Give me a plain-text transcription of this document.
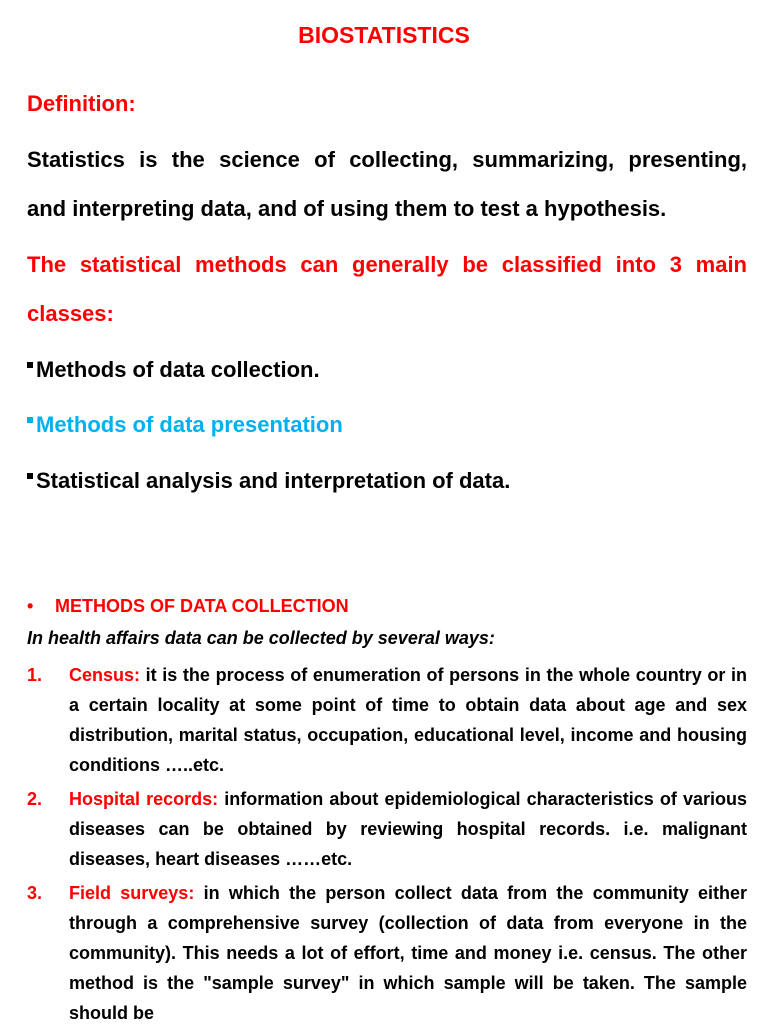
BIOSTATISTICS
Definition:
Statistics is the science of collecting, summarizing, presenting,
and interpreting data, and of using them to test a hypothesis.
The statistical methods can generally be classified into 3 main
classes:
Methods of data collection.
Methods of data presentation
Statistical analysis and interpretation of data.
• METHODS OF DATA COLLECTION
In health affairs data can be collected by several ways:
1. Census: it is the process of enumeration of persons in the whole country or in a certain locality at some point of time to obtain data about age and sex distribution, marital status, occupation, educational level, income and housing conditions …..etc.
2. Hospital records: information about epidemiological characteristics of various diseases can be obtained by reviewing hospital records. i.e. malignant diseases, heart diseases ……etc.
3. Field surveys: in which the person collect data from the community either through a comprehensive survey (collection of data from everyone in the community). This needs a lot of effort, time and money i.e. census. The other method is the "sample survey" in which sample will be taken. The sample should be
